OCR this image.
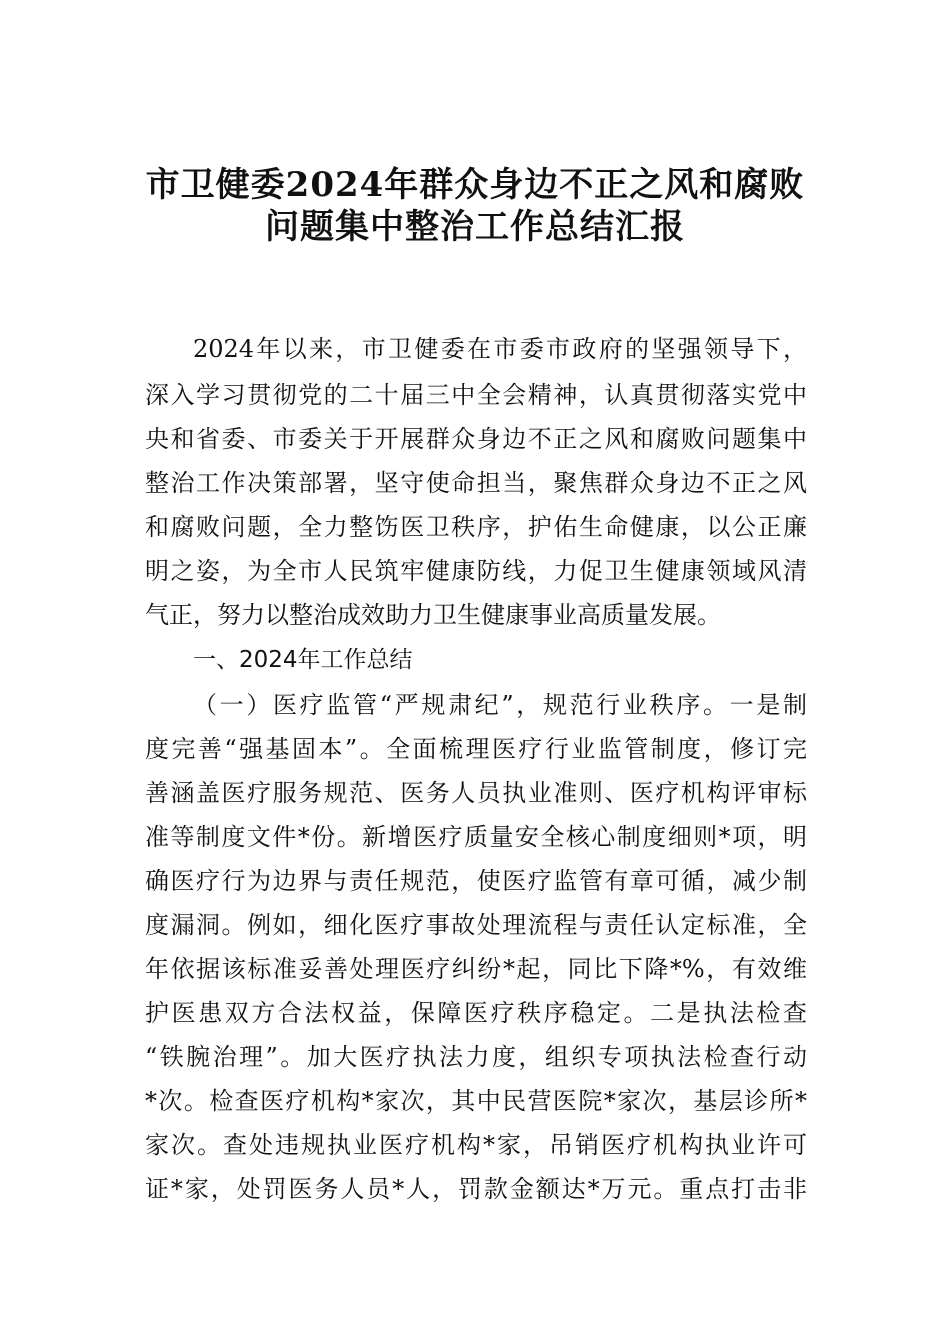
市卫健委2024年群众身边不正之风和腐败
问题集中整治工作总结汇报
2024年以来，市卫健委在市委市政府的坚强领导下，
深入学习贯彻党的二十届三中全会精神，认真贯彻落实党中
央和省委、市委关于开展群众身边不正之风和腐败问题集中
整治工作决策部署，坚守使命担当，聚焦群众身边不正之风
和腐败问题，全力整饬医卫秩序，护佑生命健康，以公正廉
明之姿，为全市人民筑牢健康防线，力促卫生健康领域风清
气正，努力以整治成效助力卫生健康事业高质量发展。
一、2024年工作总结
（一）医疗监管“严规肃纪”，规范行业秩序。一是制
度完善“强基固本”。全面梳理医疗行业监管制度，修订完
善涵盖医疗服务规范、医务人员执业准则、医疗机构评审标
准等制度文件*份。新增医疗质量安全核心制度细则*项，明
确医疗行为边界与责任规范，使医疗监管有章可循，减少制
度漏洞。例如，细化医疗事故处理流程与责任认定标准，全
年依据该标准妥善处理医疗纠纷*起，同比下降*%，有效维
护医患双方合法权益，保障医疗秩序稳定。二是执法检查
“铁腕治理”。加大医疗执法力度，组织专项执法检查行动
*次。检查医疗机构*家次，其中民营医院*家次，基层诊所*
家次。查处违规执业医疗机构*家，吊销医疗机构执业许可
证*家，处罚医务人员*人，罚款金额达*万元。重点打击非
